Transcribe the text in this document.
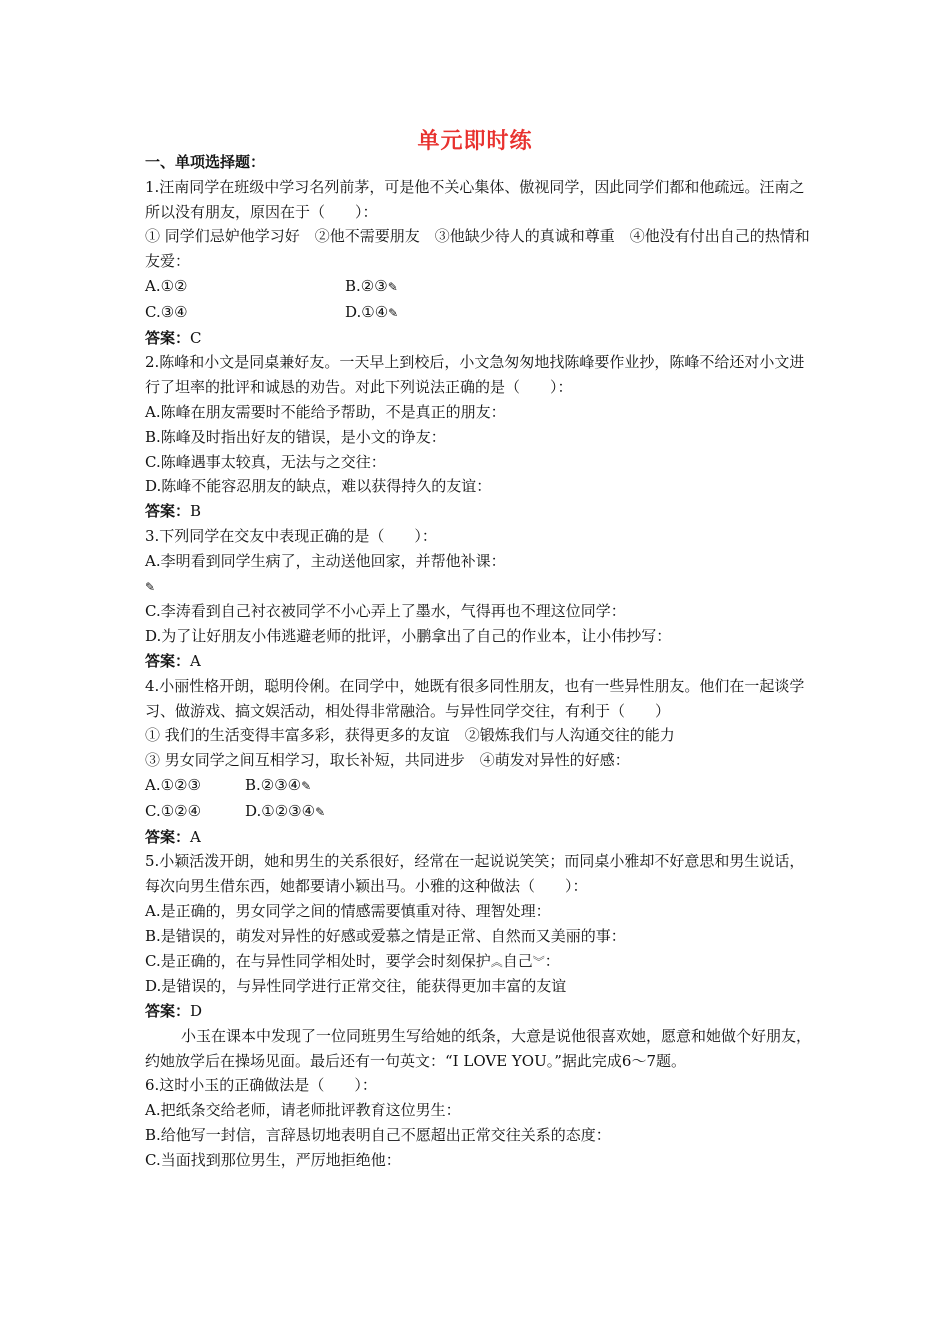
单元即时练
一、单项选择题：
1.汪南同学在班级中学习名列前茅，可是他不关心集体、傲视同学，因此同学们都和他疏远。汪南之所以没有朋友，原因在于（　　）：
① 同学们忌妒他学习好　②他不需要朋友　③他缺少待人的真诚和尊重　④他没有付出自己的热情和友爱：
A.①②	B.②③✎
C.③④	D.①④✎
答案：C
2.陈峰和小文是同桌兼好友。一天早上到校后，小文急匆匆地找陈峰要作业抄，陈峰不给还对小文进行了坦率的批评和诚恳的劝告。对此下列说法正确的是（　　）：
A.陈峰在朋友需要时不能给予帮助，不是真正的朋友：
B.陈峰及时指出好友的错误，是小文的诤友：
C.陈峰遇事太较真，无法与之交往：
D.陈峰不能容忍朋友的缺点，难以获得持久的友谊：
答案：B
3.下列同学在交友中表现正确的是（　　）：
A.李明看到同学生病了，主动送他回家，并帮他补课：
✎
C.李涛看到自己衬衣被同学不小心弄上了墨水，气得再也不理这位同学：
D.为了让好朋友小伟逃避老师的批评，小鹏拿出了自己的作业本，让小伟抄写：
答案：A
4.小丽性格开朗，聪明伶俐。在同学中，她既有很多同性朋友，也有一些异性朋友。他们在一起谈学习、做游戏、搞文娱活动，相处得非常融洽。与异性同学交往，有利于（　　）
① 我们的生活变得丰富多彩，获得更多的友谊　②锻炼我们与人沟通交往的能力
③ 男女同学之间互相学习，取长补短，共同进步　④萌发对异性的好感：
A.①②③	B.②③④✎
C.①②④	D.①②③④✎
答案：A
5.小颖活泼开朗，她和男生的关系很好，经常在一起说说笑笑；而同桌小雅却不好意思和男生说话，每次向男生借东西，她都要请小颖出马。小雅的这种做法（　　）：
A.是正确的，男女同学之间的情感需要慎重对待、理智处理：
B.是错误的，萌发对异性的好感或爱慕之情是正常、自然而又美丽的事：
C.是正确的，在与异性同学相处时，要学会时刻保护︽自己︾：
D.是错误的，与异性同学进行正常交往，能获得更加丰富的友谊
答案：D
小玉在课本中发现了一位同班男生写给她的纸条，大意是说他很喜欢她，愿意和她做个好朋友，约她放学后在操场见面。最后还有一句英文：“I LOVE YOU。”据此完成6～7题。
6.这时小玉的正确做法是（　　）：
A.把纸条交给老师，请老师批评教育这位男生：
B.给他写一封信，言辞恳切地表明自己不愿超出正常交往关系的态度：
C.当面找到那位男生，严厉地拒绝他：
